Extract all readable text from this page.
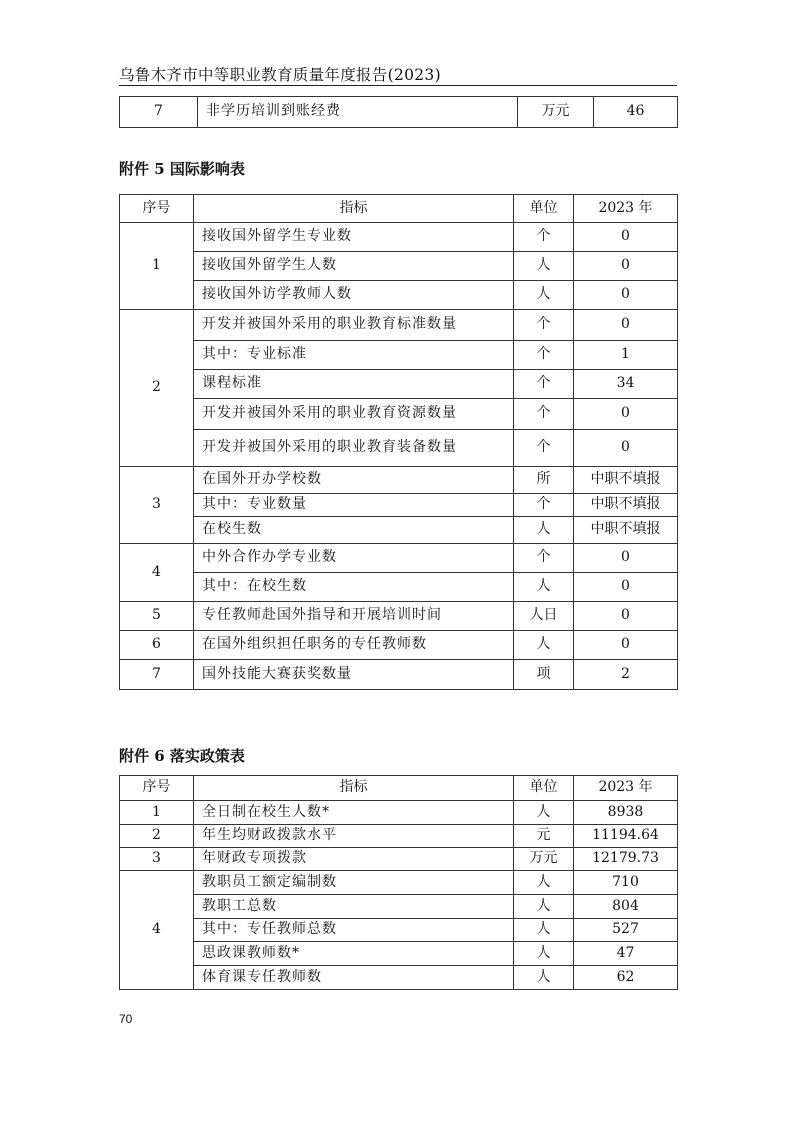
乌鲁木齐市中等职业教育质量年度报告(2023)
7	非学历培训到账经费	万元	46
附件 5 国际影响表
序号	指标	单位	2023 年
1	接收国外留学生专业数	个	0
	接收国外留学生人数	人	0
	接收国外访学教师人数	人	0
2	开发并被国外采用的职业教育标准数量	个	0
	其中：专业标准	个	1
	课程标准	个	34
	开发并被国外采用的职业教育资源数量	个	0
	开发并被国外采用的职业教育装备数量	个	0
3	在国外开办学校数	所	中职不填报
	其中：专业数量	个	中职不填报
	在校生数	人	中职不填报
4	中外合作办学专业数	个	0
	其中：在校生数	人	0
5	专任教师赴国外指导和开展培训时间	人日	0
6	在国外组织担任职务的专任教师数	人	0
7	国外技能大赛获奖数量	项	2
附件 6 落实政策表
序号	指标	单位	2023 年
1	全日制在校生人数*	人	8938
2	年生均财政拨款水平	元	11194.64
3	年财政专项拨款	万元	12179.73
4	教职员工额定编制数	人	710
	教职工总数	人	804
	其中：专任教师总数	人	527
	思政课教师数*	人	47
	体育课专任教师数	人	62
70
